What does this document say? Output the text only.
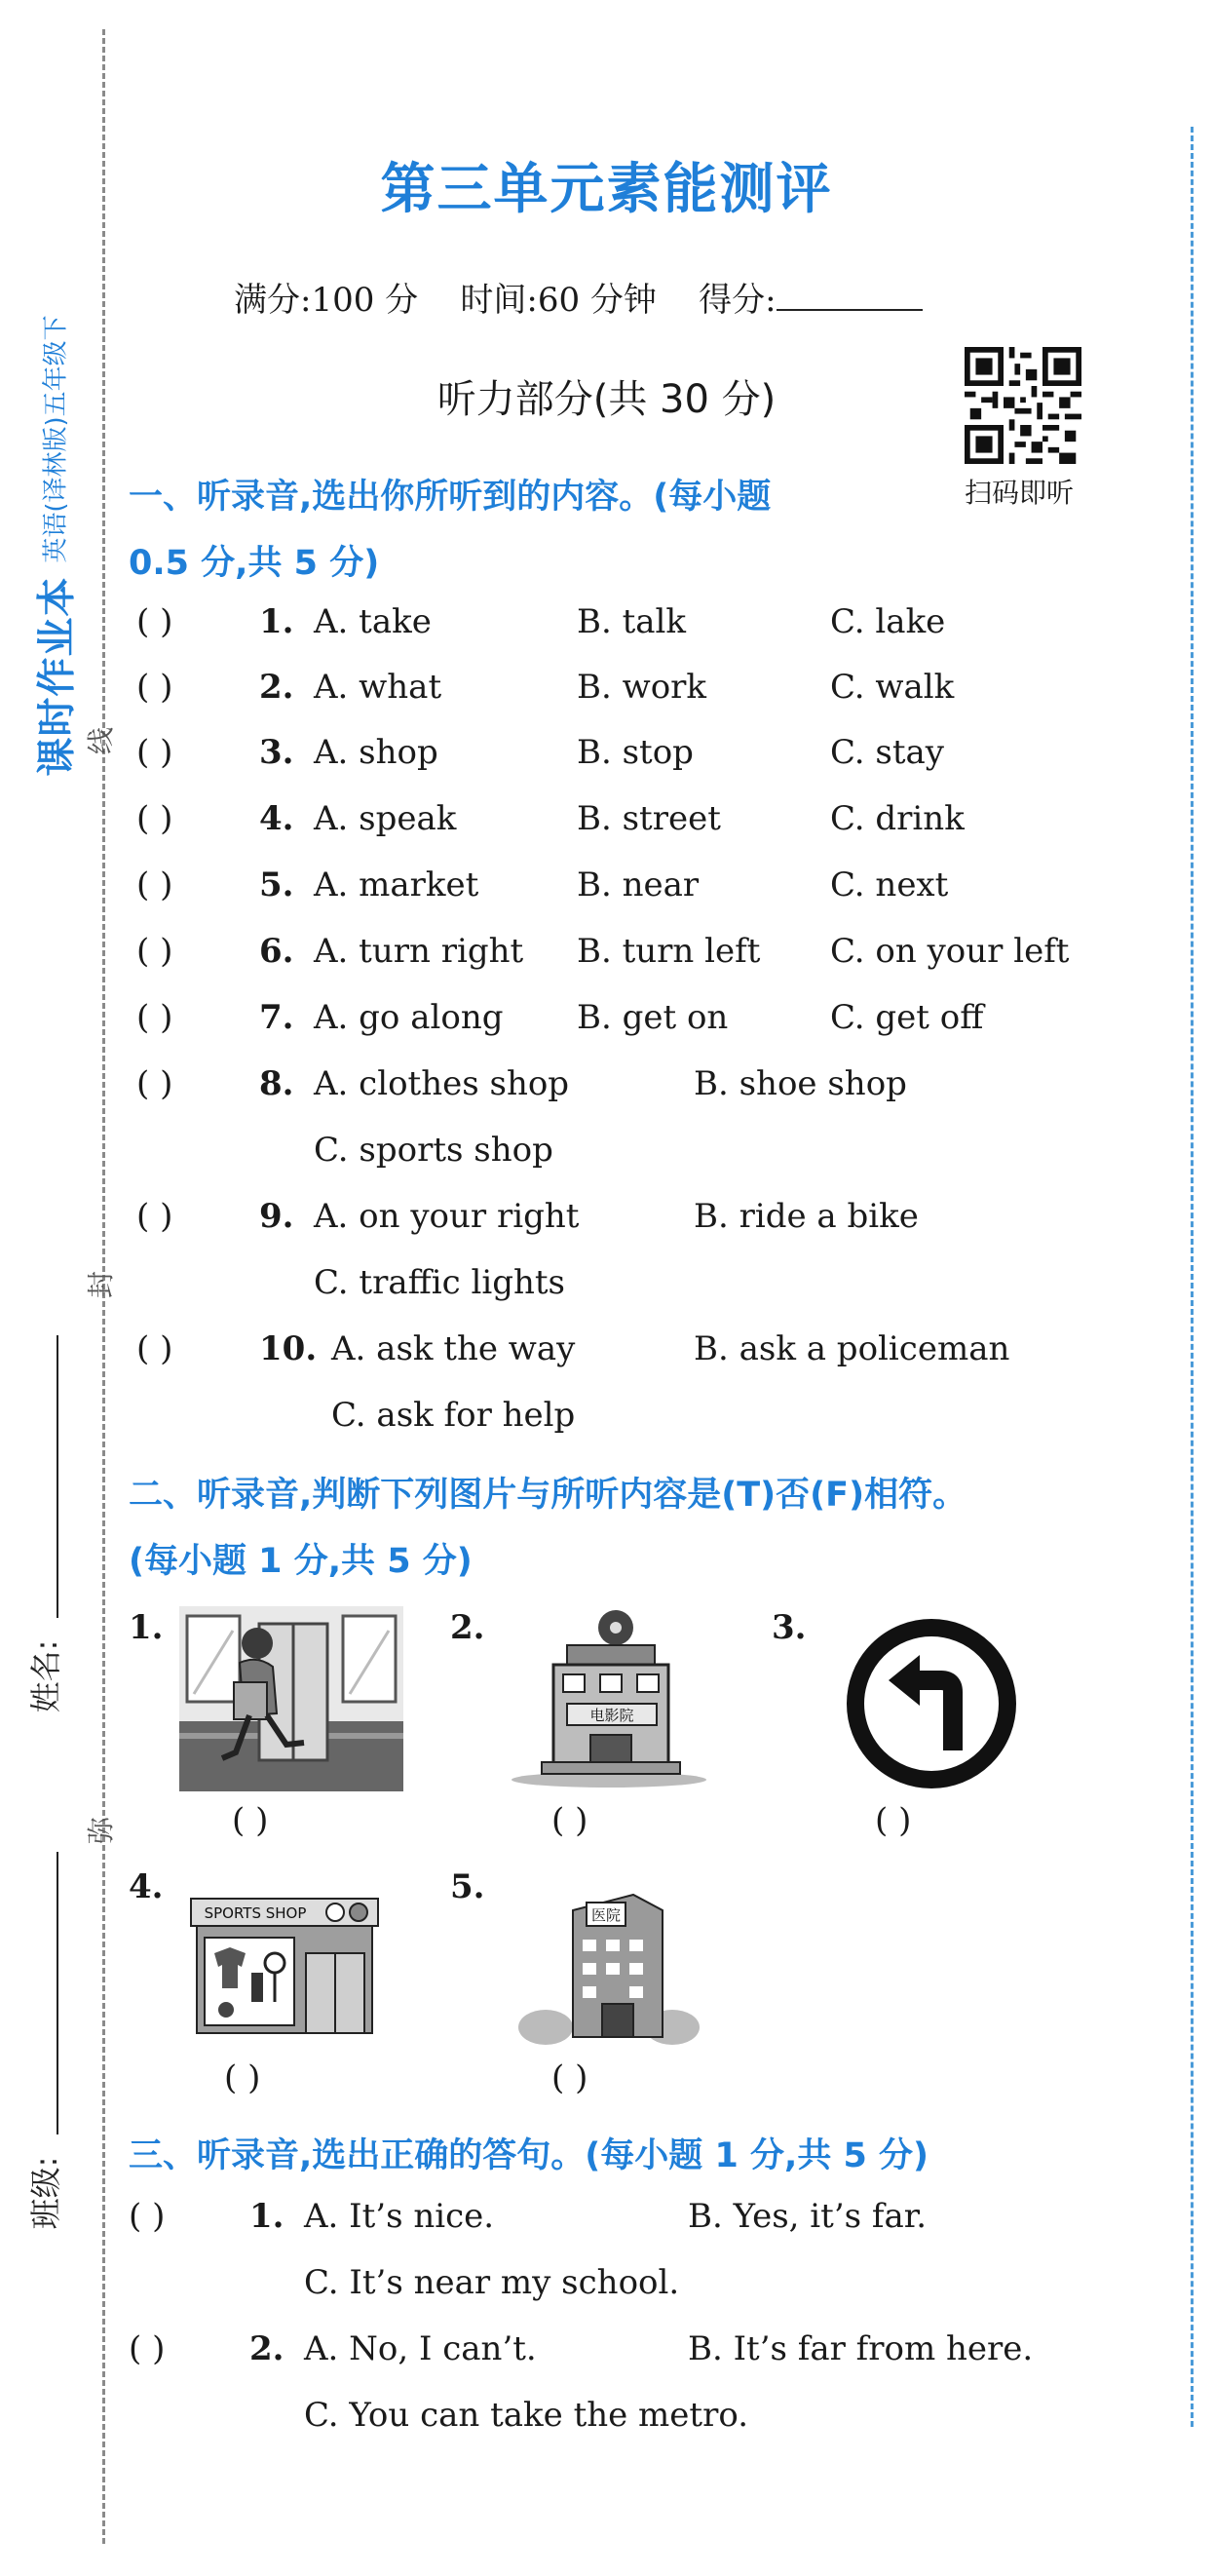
课时作业本
英语(译林版)五年级下
线
封
弥
姓名:
班级:
第三单元素能测评
满分:100 分 时间:60 分钟 得分:
听力部分(共 30 分)
扫码即听
一、听录音,选出你所听到的内容。(每小题
0.5 分,共 5 分)
( )	1. A. take	B. talk	C. lake
( )	2. A. what	B. work	C. walk
( )	3. A. shop	B. stop	C. stay
( )	4. A. speak	B. street	C. drink
( )	5. A. market	B. near	C. next
( )	6. A. turn right B. turn left C. on your left
( )	7. A. go along B. get on	C. get off
( )	8. A. clothes shop	B. shoe shop
C. sports shop
( )	9. A. on your right	B. ride a bike
C. traffic lights
( )	10. A. ask the way	B. ask a policeman
C. ask for help
二、听录音,判断下列图片与所听内容是(T)否(F)相符。
(每小题 1 分,共 5 分)
1.
( )
2.
电影院
( )
3.
( )
4.
SPORTS SHOP
( )
5.
医院
( )
三、听录音,选出正确的答句。(每小题 1 分,共 5 分)
( )	1. A. It’s nice.	B. Yes, it’s far.
C. It’s near my school.
( )	2. A. No, I can’t.	B. It’s far from here.
C. You can take the metro.
